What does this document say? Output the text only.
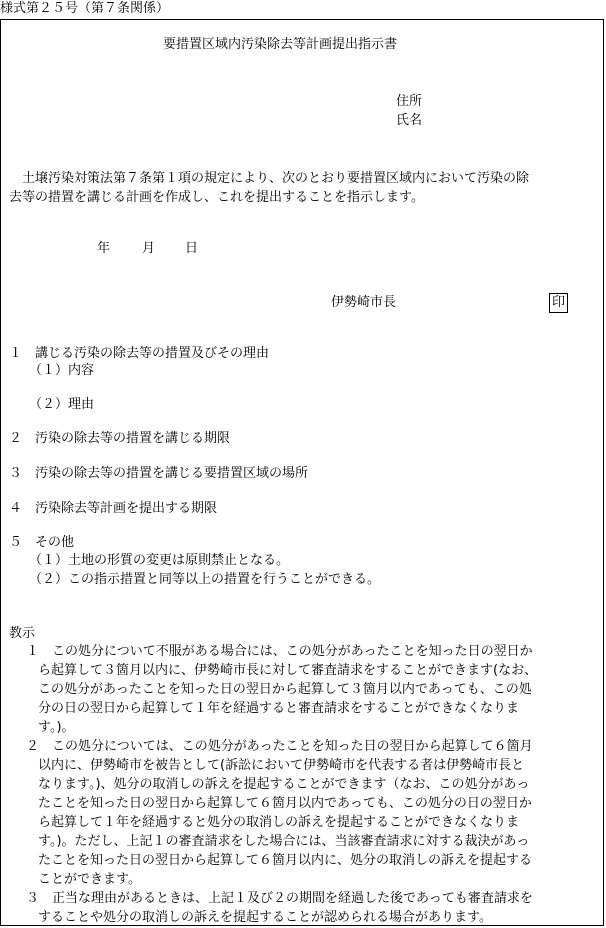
様式第２５号（第７条関係）
要措置区域内汚染除去等計画提出指示書
住所
氏名
　土壌汚染対策法第７条第１項の規定により、次のとおり要措置区域内において汚染の除
去等の措置を講じる計画を作成し、これを提出することを指示します。
年 月 日
伊勢崎市長	印
１　講じる汚染の除去等の措置及びその理由
（１）内容
（２）理由
２　汚染の除去等の措置を講じる期限
３　汚染の除去等の措置を講じる要措置区域の場所
４　汚染除去等計画を提出する期限
５　その他
（１）土地の形質の変更は原則禁止となる。
（２）この指示措置と同等以上の措置を行うことができる。
教示
１　この処分について不服がある場合には、この処分があったことを知った日の翌日か
ら起算して３箇月以内に、伊勢崎市長に対して審査請求をすることができます(なお、
この処分があったことを知った日の翌日から起算して３箇月以内であっても、この処
分の日の翌日から起算して１年を経過すると審査請求をすることができなくなりま
す。)。
２　この処分については、この処分があったことを知った日の翌日から起算して６箇月
以内に、伊勢崎市を被告として(訴訟において伊勢崎市を代表する者は伊勢崎市長と
なります。)、処分の取消しの訴えを提起することができます（なお、この処分があっ
たことを知った日の翌日から起算して６箇月以内であっても、この処分の日の翌日か
ら起算して１年を経過すると処分の取消しの訴えを提起することができなくなりま
す。)。ただし、上記１の審査請求をした場合には、当該審査請求に対する裁決があっ
たことを知った日の翌日から起算して６箇月以内に、処分の取消しの訴えを提起する
ことができます。
３　正当な理由があるときは、上記１及び２の期間を経過した後であっても審査請求を
することや処分の取消しの訴えを提起することが認められる場合があります。
